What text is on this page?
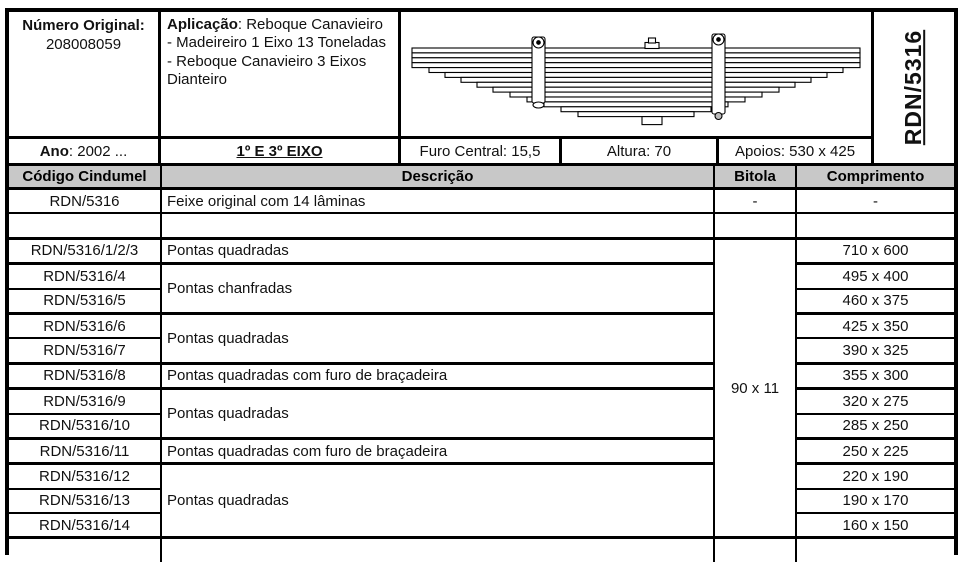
Número Original:
208008059
Aplicação: Reboque Canavieiro - Madeireiro 1 Eixo 13 Toneladas - Reboque Canavieiro 3 Eixos Dianteiro	RDN/5316
Ano : 2002 ...	1º E 3º EIXO	Furo Central: 15,5	Altura: 70	Apoios: 530 x 425
Código Cindumel	Descrição	Bitola	Comprimento
RDN/5316	Feixe original com 14 lâminas	-	-

RDN/5316/1/2/3	Pontas quadradas	90 x 11	710 x 600
RDN/5316/4	Pontas chanfradas		495 x 400
RDN/5316/5			460 x 375
RDN/5316/6	Pontas quadradas		425 x 350
RDN/5316/7			390 x 325
RDN/5316/8	Pontas quadradas com furo de braçadeira		355 x 300
RDN/5316/9	Pontas quadradas		320 x 275
RDN/5316/10			285 x 250
RDN/5316/11	Pontas quadradas com furo de braçadeira		250 x 225
RDN/5316/12	Pontas quadradas		220 x 190
RDN/5316/13			190 x 170
RDN/5316/14			160 x 150
